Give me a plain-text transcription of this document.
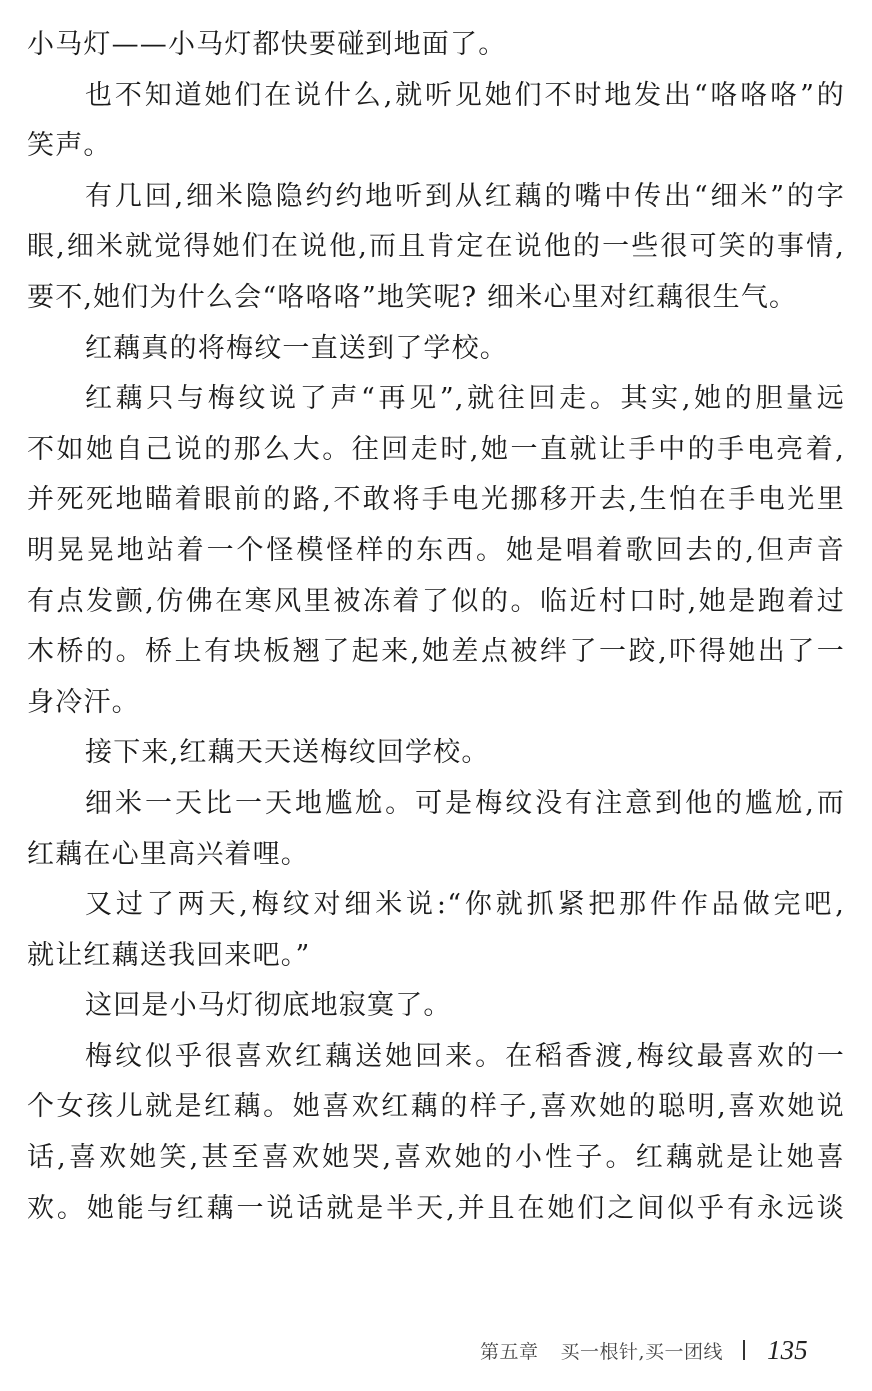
小马灯——小马灯都快要碰到地面了。
也不知道她们在说什么,就听见她们不时地发出“咯咯咯”的
笑声。
有几回,细米隐隐约约地听到从红藕的嘴中传出“细米”的字
眼,细米就觉得她们在说他,而且肯定在说他的一些很可笑的事情,
要不,她们为什么会“咯咯咯”地笑呢? 细米心里对红藕很生气。
红藕真的将梅纹一直送到了学校。
红藕只与梅纹说了声“再见”,就往回走。其实,她的胆量远
不如她自己说的那么大。往回走时,她一直就让手中的手电亮着,
并死死地瞄着眼前的路,不敢将手电光挪移开去,生怕在手电光里
明晃晃地站着一个怪模怪样的东西。她是唱着歌回去的,但声音
有点发颤,仿佛在寒风里被冻着了似的。临近村口时,她是跑着过
木桥的。桥上有块板翘了起来,她差点被绊了一跤,吓得她出了一
身冷汗。
接下来,红藕天天送梅纹回学校。
细米一天比一天地尴尬。可是梅纹没有注意到他的尴尬,而
红藕在心里高兴着哩。
又过了两天,梅纹对细米说:“你就抓紧把那件作品做完吧,
就让红藕送我回来吧。”
这回是小马灯彻底地寂寞了。
梅纹似乎很喜欢红藕送她回来。在稻香渡,梅纹最喜欢的一
个女孩儿就是红藕。她喜欢红藕的样子,喜欢她的聪明,喜欢她说
话,喜欢她笑,甚至喜欢她哭,喜欢她的小性子。红藕就是让她喜
欢。她能与红藕一说话就是半天,并且在她们之间似乎有永远谈
第五章 买一根针,买一团线 135
